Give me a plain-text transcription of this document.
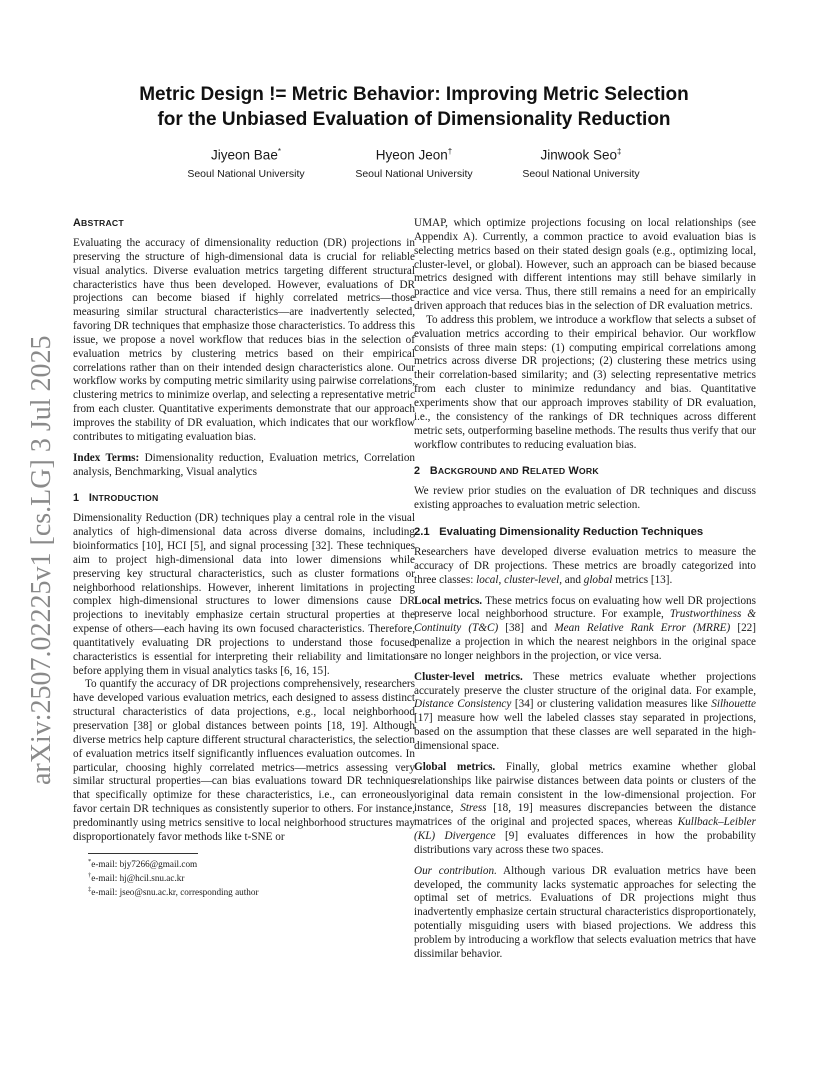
arXiv:2507.02225v1 [cs.LG] 3 Jul 2025
Metric Design != Metric Behavior: Improving Metric Selection
for the Unbiased Evaluation of Dimensionality Reduction
Jiyeon Bae*
Seoul National University
Hyeon Jeon†
Seoul National University
Jinwook Seo‡
Seoul National University
ABSTRACT

Evaluating the accuracy of dimensionality reduction (DR) projections in preserving the structure of high-dimensional data is crucial for reliable visual analytics. Diverse evaluation metrics targeting different structural characteristics have thus been developed. However, evaluations of DR projections can become biased if highly correlated metrics—those measuring similar structural characteristics—are inadvertently selected, favoring DR techniques that emphasize those characteristics. To address this issue, we propose a novel workflow that reduces bias in the selection of evaluation metrics by clustering metrics based on their empirical correlations rather than on their intended design characteristics alone. Our workflow works by computing metric similarity using pairwise correlations, clustering metrics to minimize overlap, and selecting a representative metric from each cluster. Quantitative experiments demonstrate that our approach improves the stability of DR evaluation, which indicates that our workflow contributes to mitigating evaluation bias.

Index Terms: Dimensionality reduction, Evaluation metrics, Correlation analysis, Benchmarking, Visual analytics

1 INTRODUCTION

Dimensionality Reduction (DR) techniques play a central role in the visual analytics of high-dimensional data across diverse domains, including bioinformatics [10], HCI [5], and signal processing [32]. These techniques aim to project high-dimensional data into lower dimensions while preserving key structural characteristics, such as cluster formations or neighborhood relationships. However, inherent limitations in projecting complex high-dimensional structures to lower dimensions cause DR projections to inevitably emphasize certain structural properties at the expense of others—each having its own focused characteristics. Therefore, quantitatively evaluating DR projections to understand those focused characteristics is essential for interpreting their reliability and limitations before applying them in visual analytics tasks [6, 16, 15].

To quantify the accuracy of DR projections comprehensively, researchers have developed various evaluation metrics, each designed to assess distinct structural characteristics of data projections, e.g., local neighborhood preservation [38] or global distances between points [18, 19]. Although diverse metrics help capture different structural characteristics, the selection of evaluation metrics itself significantly influences evaluation outcomes. In particular, choosing highly correlated metrics—metrics assessing very similar structural properties—can bias evaluations toward DR techniques that specifically optimize for these characteristics, i.e., can erroneously favor certain DR techniques as consistently superior to others. For instance, predominantly using metrics sensitive to local neighborhood structures may disproportionately favor methods like t-SNE or

*e-mail: bjy7266@gmail.com
†e-mail: hj@hcil.snu.ac.kr
‡e-mail: jseo@snu.ac.kr, corresponding author

UMAP, which optimize projections focusing on local relationships (see Appendix A). Currently, a common practice to avoid evaluation bias is selecting metrics based on their stated design goals (e.g., optimizing local, cluster-level, or global). However, such an approach can be biased because metrics designed with different intentions may still behave similarly in practice and vice versa. Thus, there still remains a need for an empirically driven approach that reduces bias in the selection of DR evaluation metrics.

To address this problem, we introduce a workflow that selects a subset of evaluation metrics according to their empirical behavior. Our workflow consists of three main steps: (1) computing empirical correlations among metrics across diverse DR projections; (2) clustering these metrics using their correlation-based similarity; and (3) selecting representative metrics from each cluster to minimize redundancy and bias. Quantitative experiments show that our approach improves stability of DR evaluation, i.e., the consistency of the rankings of DR techniques across different metric sets, outperforming baseline methods. The results thus verify that our workflow contributes to reducing evaluation bias.

2 BACKGROUND AND RELATED WORK

We review prior studies on the evaluation of DR techniques and discuss existing approaches to evaluation metric selection.

2.1 Evaluating Dimensionality Reduction Techniques

Researchers have developed diverse evaluation metrics to measure the accuracy of DR projections. These metrics are broadly categorized into three classes: local, cluster-level, and global metrics [13].

Local metrics. These metrics focus on evaluating how well DR projections preserve local neighborhood structure. For example, Trustworthiness & Continuity (T&C) [38] and Mean Relative Rank Error (MRRE) [22] penalize a projection in which the nearest neighbors in the original space are no longer neighbors in the projection, or vice versa.

Cluster-level metrics. These metrics evaluate whether projections accurately preserve the cluster structure of the original data. For example, Distance Consistency [34] or clustering validation measures like Silhouette [17] measure how well the labeled classes stay separated in projections, based on the assumption that these classes are well separated in the high-dimensional space.

Global metrics. Finally, global metrics examine whether global relationships like pairwise distances between data points or clusters of the original data remain consistent in the low-dimensional projection. For instance, Stress [18, 19] measures discrepancies between the distance matrices of the original and projected spaces, whereas Kullback–Leibler (KL) Divergence [9] evaluates differences in how the probability distributions vary across these two spaces.

Our contribution. Although various DR evaluation metrics have been developed, the community lacks systematic approaches for selecting the optimal set of metrics. Evaluations of DR projections might thus inadvertently emphasize certain structural characteristics disproportionately, potentially misguiding users with biased projections. We address this problem by introducing a workflow that selects evaluation metrics that have dissimilar behavior.
